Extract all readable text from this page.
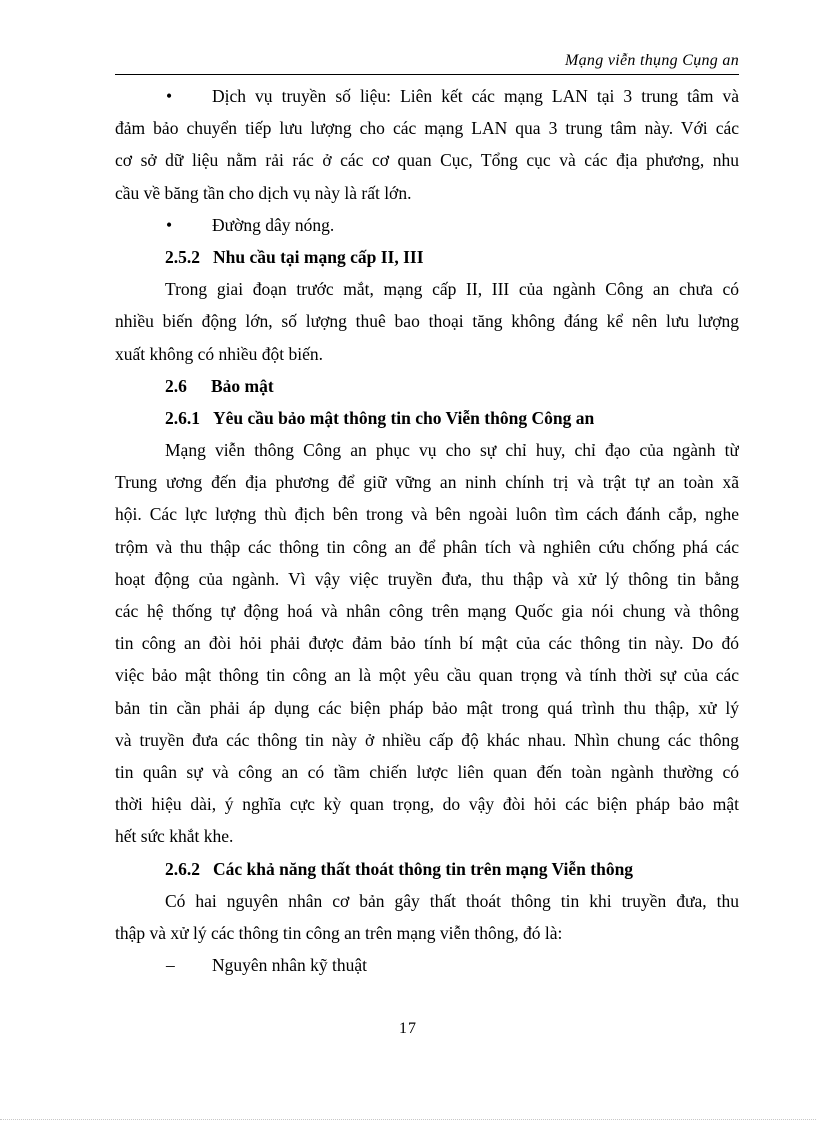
Mạng viễn thụng Cụng an
• Dịch vụ truyền số liệu: Liên kết các mạng LAN tại 3 trung tâm và
đảm bảo chuyển tiếp lưu lượng cho các mạng LAN qua 3 trung tâm này. Với các
cơ sở dữ liệu nằm rải rác ở các cơ quan Cục, Tổng cục và các địa phương, nhu
cầu về băng tần cho dịch vụ này là rất lớn.
• Đường dây nóng.
2.5.2 Nhu cầu tại mạng cấp II, III
Trong giai đoạn trước mắt, mạng cấp II, III của ngành Công an chưa có
nhiều biến động lớn, số lượng thuê bao thoại tăng không đáng kể nên lưu lượng
xuất không có nhiều đột biến.
2.6 Bảo mật
2.6.1 Yêu cầu bảo mật thông tin cho Viễn thông Công an
Mạng viễn thông Công an phục vụ cho sự chỉ huy, chỉ đạo của ngành từ
Trung ương đến địa phương để giữ vững an ninh chính trị và trật tự an toàn xã
hội. Các lực lượng thù địch bên trong và bên ngoài luôn tìm cách đánh cắp, nghe
trộm và thu thập các thông tin công an để phân tích và nghiên cứu chống phá các
hoạt động của ngành. Vì vậy việc truyền đưa, thu thập và xử lý thông tin bằng
các hệ thống tự động hoá và nhân công trên mạng Quốc gia nói chung và thông
tin công an đòi hỏi phải được đảm bảo tính bí mật của các thông tin này. Do đó
việc bảo mật thông tin công an là một yêu cầu quan trọng và tính thời sự của các
bản tin cần phải áp dụng các biện pháp bảo mật trong quá trình thu thập, xử lý
và truyền đưa các thông tin này ở nhiều cấp độ khác nhau. Nhìn chung các thông
tin quân sự và công an có tầm chiến lược liên quan đến toàn ngành thường có
thời hiệu dài, ý nghĩa cực kỳ quan trọng, do vậy đòi hỏi các biện pháp bảo mật
hết sức khắt khe.
2.6.2 Các khả năng thất thoát thông tin trên mạng Viễn thông
Có hai nguyên nhân cơ bản gây thất thoát thông tin khi truyền đưa, thu
thập và xử lý các thông tin công an trên mạng viễn thông, đó là:
– Nguyên nhân kỹ thuật
17
